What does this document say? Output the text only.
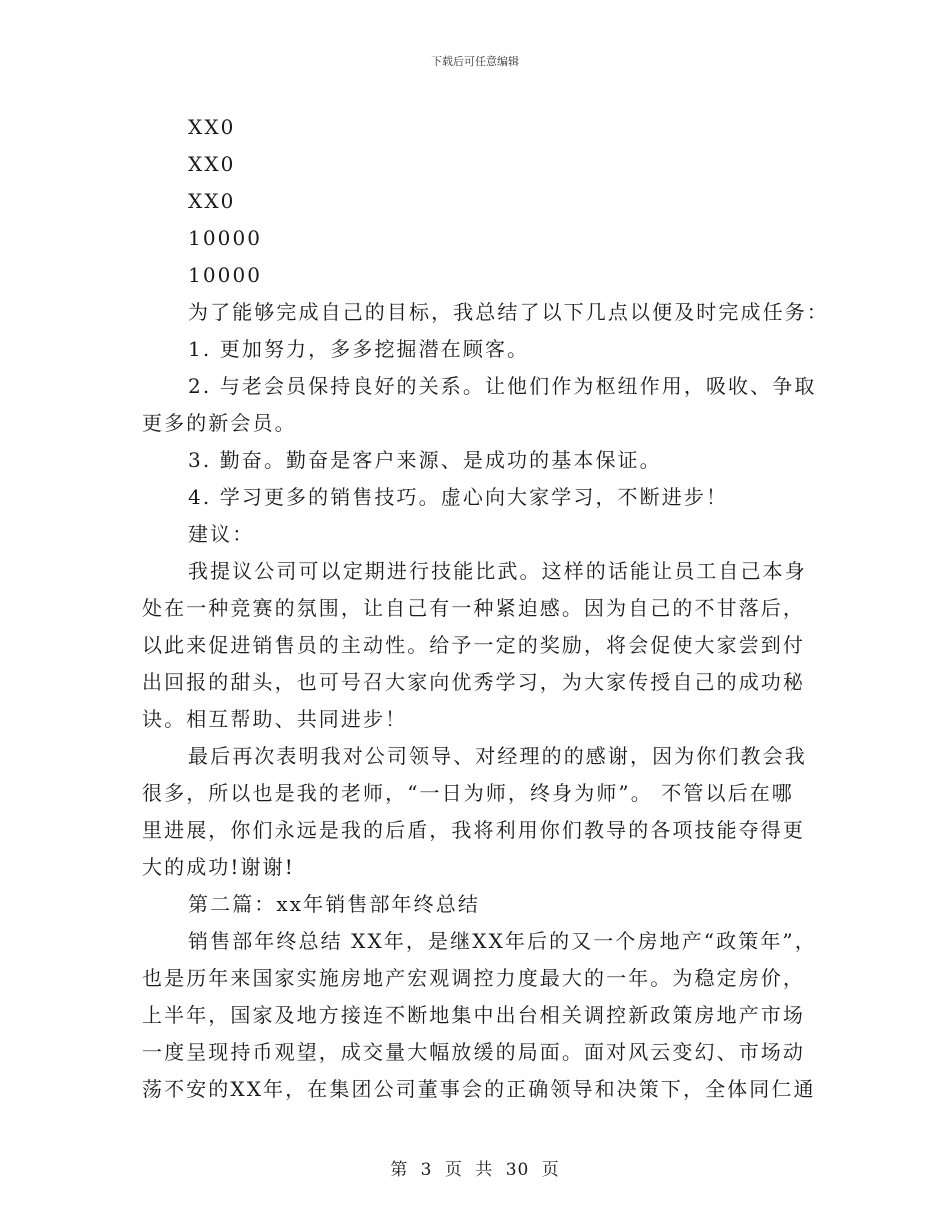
下载后可任意编辑
XX0
XX0
XX0
10000
10000
为了能够完成自己的目标，我总结了以下几点以便及时完成任务：
1. 更加努力，多多挖掘潜在顾客。
2. 与老会员保持良好的关系。让他们作为枢纽作用，吸收、争取
更多的新会员。
3. 勤奋。勤奋是客户来源、是成功的基本保证。
4. 学习更多的销售技巧。虚心向大家学习，不断进步！
建议：
我提议公司可以定期进行技能比武。这样的话能让员工自己本身
处在一种竞赛的氛围，让自己有一种紧迫感。因为自己的不甘落后，
以此来促进销售员的主动性。给予一定的奖励，将会促使大家尝到付
出回报的甜头，也可号召大家向优秀学习，为大家传授自己的成功秘
诀。相互帮助、共同进步！
最后再次表明我对公司领导、对经理的的感谢，因为你们教会我
很多，所以也是我的老师，“一日为师，终身为师”。 不管以后在哪
里进展，你们永远是我的后盾，我将利用你们教导的各项技能夺得更
大的成功!谢谢!
第二篇：xx年销售部年终总结
销售部年终总结 XX年，是继XX年后的又一个房地产“政策年”，
也是历年来国家实施房地产宏观调控力度最大的一年。为稳定房价，
上半年，国家及地方接连不断地集中出台相关调控新政策房地产市场
一度呈现持币观望，成交量大幅放缓的局面。面对风云变幻、市场动
荡不安的XX年，在集团公司董事会的正确领导和决策下，全体同仁通
第 3 页 共 30 页
